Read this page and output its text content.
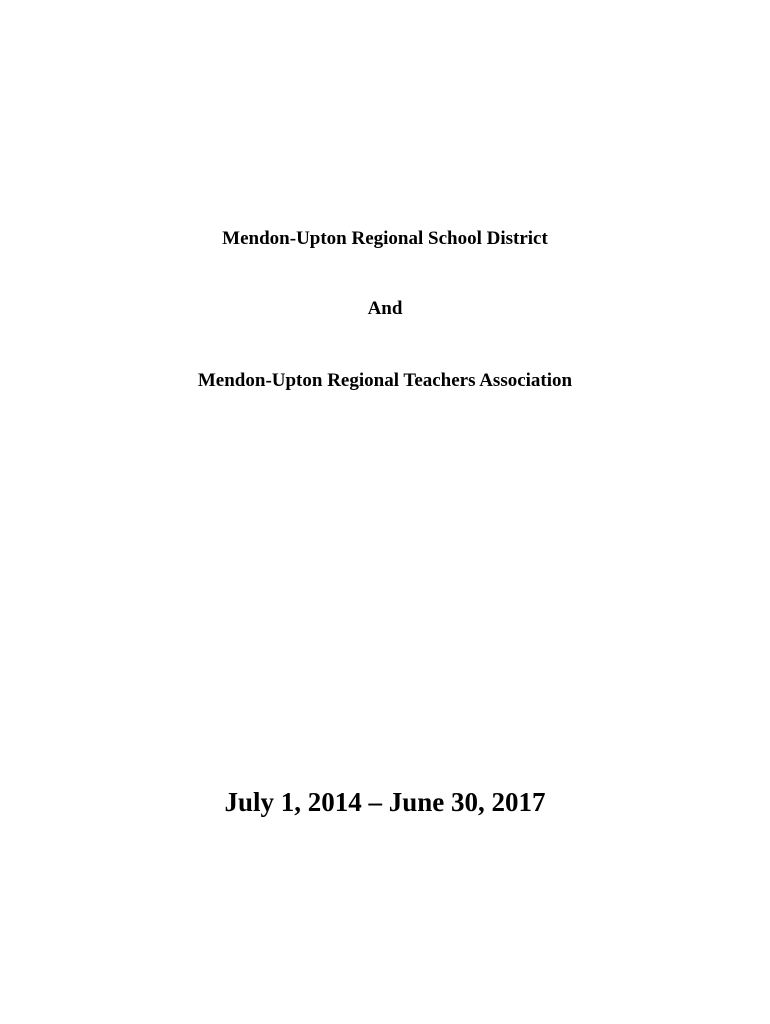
Mendon-Upton Regional School District
And
Mendon-Upton Regional Teachers Association
July 1, 2014 – June 30, 2017
